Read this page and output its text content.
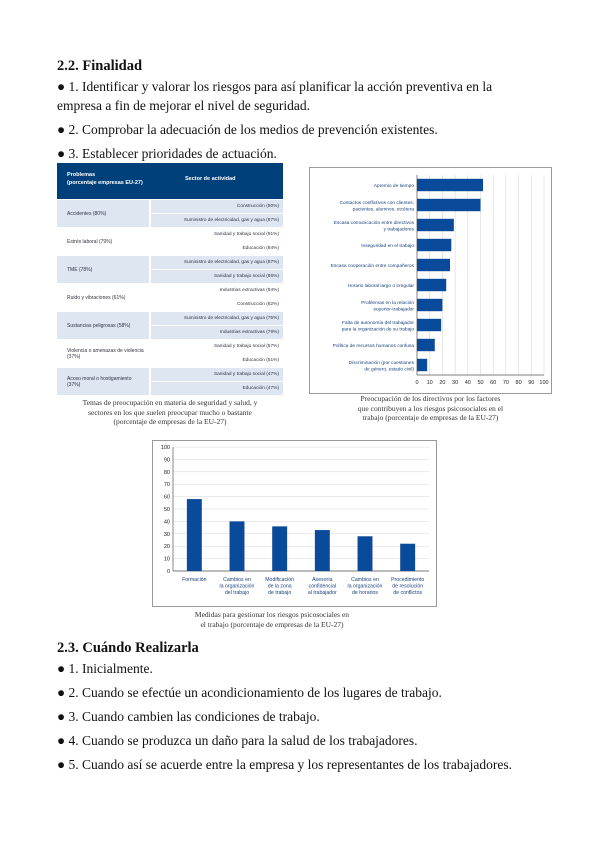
2.2. Finalidad
● 1. Identificar y valorar los riesgos para así planificar la acción preventiva en la
empresa a fin de mejorar el nivel de seguridad.
● 2. Comprobar la adecuación de los medios de prevención existentes.
● 3. Establecer prioridades de actuación.
Problemas
(porcentaje empresas EU-27)
Sector de actividad
Accidentes (80%)
Construcción (90%)
Suministro de electricidad, gas y agua (87%)
Estrés laboral (79%)
Sanidad y trabajo social (91%)
Educación (84%)
TME (78%)
Suministro de electricidad, gas y agua (87%)
Sanidad y trabajo social (86%)
Ruido y vibraciones (61%)
Industrias extractivas (94%)
Construcción (82%)
Sustancias peligrosas (58%)
Suministro de electricidad, gas y agua (75%)
Industrias extractivas (79%)
Violencia o amenazas de violencia (37%)
Sanidad y trabajo social (57%)
Educación (51%)
Acoso moral o hostigamiento (37%)
Sanidad y trabajo social (47%)
Educación (47%)
Temas de preocupación en materia de seguridad y salud, y
sectores en los que suelen preocupar mucho o bastante
(porcentaje de empresas de la EU-27)
0 10 20 30 40 50 60 70 80 90 100
Apremio de tiempo
Contactos conflictivos con clientes,
pacientes, alumnos, etcétera
Escasa comunicación entre directivos
y trabajadores
Inseguridad en el trabajo
Escasa cooperación entre compañeros
Horario laboral largo o irregular
Problemas en la relación
superior-trabajador
Falta de autonomía del trabajador
para la organización de su trabajo
Política de recursos humanos confusa
Discriminación (por cuestiones
de género, estado civil)
Preocupación de los directivos por los factores
que contribuyen a los riesgos psicosociales en el
trabajo (porcentaje de empresas de la EU-27)
0
10
20
30
40
50
60
70
80
90
100
Formación	Cambios en
la organización
del trabajo
Modificación
de la zona
de trabajo
Asesoría
confidencial
al trabajador
Cambios en
la organización
de horarios
Procedimiento
de resolución
de conflictos
Medidas para gestionar los riesgos psicosociales en
el trabajo (porcentaje de empresas de la EU-27)
2.3. Cuándo Realizarla
● 1. Inicialmente.
● 2. Cuando se efectúe un acondicionamiento de los lugares de trabajo.
● 3. Cuando cambien las condiciones de trabajo.
● 4. Cuando se produzca un daño para la salud de los trabajadores.
● 5. Cuando así se acuerde entre la empresa y los representantes de los trabajadores.
